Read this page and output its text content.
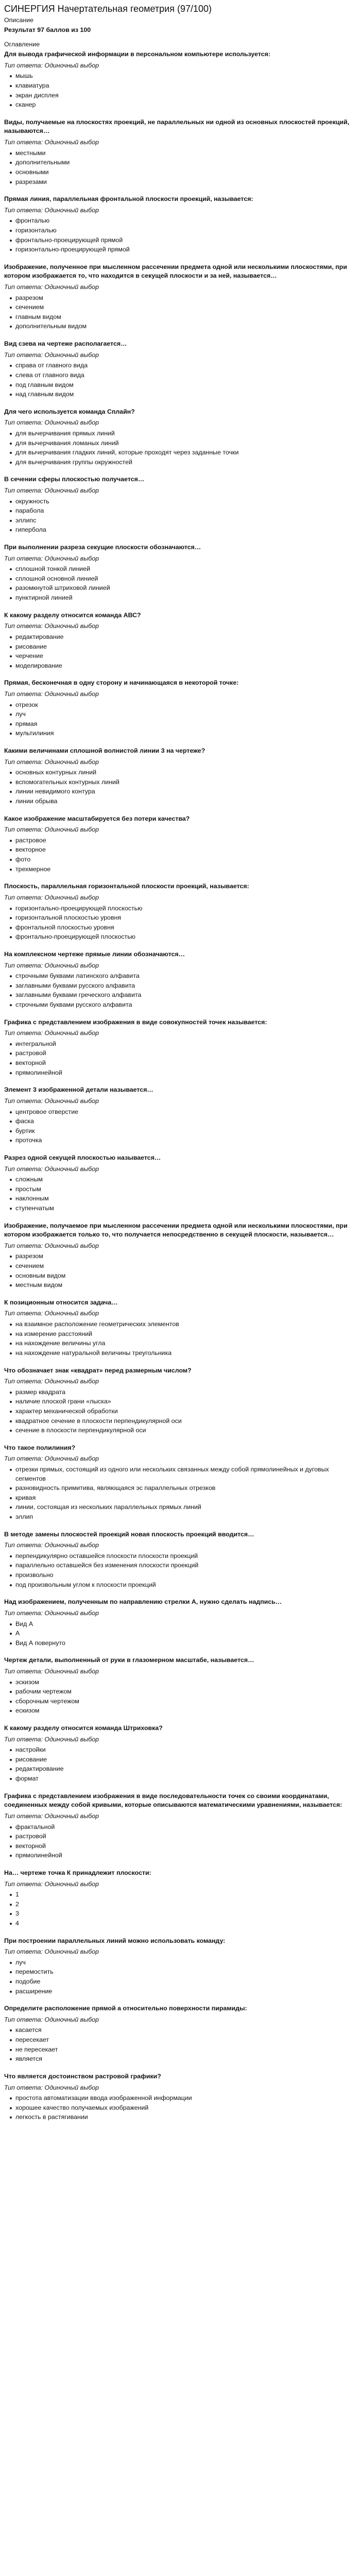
СИНЕРГИЯ Начертательная геометрия (97/100)
Описание
Результат 97 баллов из 100
Оглавление
Для вывода графической информации в персональном компьютере используется:
Тип ответа: Одиночный выбор
мышь
клавиатура
экран дисплея
сканер
Виды, получаемые на плоскостях проекций, не параллельных ни одной из основных плоскостей проекций, называются…
Тип ответа: Одиночный выбор
местными
дополнительными
основными
разрезами
Прямая линия, параллельная фронтальной плоскости проекций, называется:
Тип ответа: Одиночный выбор
фронталью
горизонталью
фронтально-проецирующей прямой
горизонтально-проецирующей прямой
Изображение, полученное при мысленном рассечении предмета одной или несколькими плоскостями, при котором изображается то, что находится в секущей плоскости и за ней, называется…
Тип ответа: Одиночный выбор
разрезом
сечением
главным видом
дополнительным видом
Вид сзева на чертеже располагается…
Тип ответа: Одиночный выбор
справа от главного вида
слева от главного вида
под главным видом
над главным видом
Для чего используется команда Сплайн?
Тип ответа: Одиночный выбор
для вычерчивания прямых линий
для вычерчивания ломаных линий
для вычерчивания гладких линий, которые проходят через заданные точки
для вычерчивания группы окружностей
В сечении сферы плоскостью получается…
Тип ответа: Одиночный выбор
окружность
парабола
эллипс
гипербола
При выполнении разреза секущие плоскости обозначаются…
Тип ответа: Одиночный выбор
сплошной тонкой линией
сплошной основной линией
разомкнутой штриховой линией
пунктирной линией
К какому разделу относится команда АВС?
Тип ответа: Одиночный выбор
редактирование
рисование
черчение
моделирование
Прямая, бесконечная в одну сторону и начинающаяся в некоторой точке:
Тип ответа: Одиночный выбор
отрезок
луч
прямая
мультилиния
Какими величинами сплошной волнистой линии 3 на чертеже?
Тип ответа: Одиночный выбор
основных контурных линий
вспомогательных контурных линий
линии невидимого контура
линии обрыва
Какое изображение масштабируется без потери качества?
Тип ответа: Одиночный выбор
растровое
векторное
фото
трехмерное
Плоскость, параллельная горизонтальной плоскости проекций, называется:
Тип ответа: Одиночный выбор
горизонтально-проецирующей плоскостью
горизонтальной плоскостью уровня
фронтальной плоскостью уровня
фронтально-проецирующей плоскостью
На комплексном чертеже прямые линии обозначаются…
Тип ответа: Одиночный выбор
строчными буквами латинского алфавита
заглавными буквами русского алфавита
заглавными буквами греческого алфавита
строчными буквами русского алфавита
Графика с представлением изображения в виде совокупностей точек называется:
Тип ответа: Одиночный выбор
интегральной
растровой
векторной
прямолинейной
Элемент 3 изображенной детали называется…
Тип ответа: Одиночный выбор
центровое отверстие
фаска
буртик
проточка
Разрез одной секущей плоскостью называется…
Тип ответа: Одиночный выбор
сложным
простым
наклонным
ступенчатым
Изображение, получаемое при мысленном рассечении предмета одной или несколькими плоскостями, при котором изображается только то, что получается непосредственно в секущей плоскости, называется…
Тип ответа: Одиночный выбор
разрезом
сечением
основным видом
местным видом
К позиционным относится задача…
Тип ответа: Одиночный выбор
на взаимное расположение геометрических элементов
на измерение расстояний
на нахождение величины угла
на нахождение натуральной величины треугольника
Что обозначает знак «квадрат» перед размерным числом?
Тип ответа: Одиночный выбор
размер квадрата
наличие плоской грани «лыска»
характер механической обработки
квадратное сечение в плоскости перпендикулярной оси
сечение в плоскости перпендикулярной оси
Что такое полилиния?
Тип ответа: Одиночный выбор
отрезки прямых, состоящий из одного или нескольких связанных между собой прямолинейных и дуговых сегментов
разновидность примитива, являющаяся эс параллельных отрезков
кривая
линии, состоящая из нескольких параллельных прямых линий
эллип
В методе замены плоскостей проекций новая плоскость проекций вводится…
Тип ответа: Одиночный выбор
перпендикулярно оставшейся плоскости плоскости проекций
параллельно оставшейся без изменения плоскости проекций
произвольно
под произвольным углом к плоскости проекций
Над изображением, полученным по направлению стрелки А, нужно сделать надпись…
Тип ответа: Одиночный выбор
Вид А
А
Вид А повернуто
Чертеж детали, выполненный от руки в глазомерном масштабе, называется…
Тип ответа: Одиночный выбор
эскизом
рабочим чертежом
сборочным чертежом
ескизом
К какому разделу относится команда Штриховка?
Тип ответа: Одиночный выбор
настройки
рисование
редактирование
формат
Графика с представлением изображения в виде последовательности точек со своими координатами, соединенных между собой кривыми, которые описываются математическими уравнениями, называется:
Тип ответа: Одиночный выбор
фрактальной
растровой
векторной
прямолинейной
На… чертеже точка К принадлежит плоскости:
Тип ответа: Одиночный выбор
1
2
3
4
При построении параллельных линий можно использовать команду:
Тип ответа: Одиночный выбор
луч
перемостить
подобие
расширение
Определите расположение прямой а относительно поверхности пирамиды:
Тип ответа: Одиночный выбор
касается
пересекает
не пересекает
является
Что является достоинством растровой графики?
Тип ответа: Одиночный выбор
простота автоматизации ввода изображенной информации
хорошее качество получаемых изображений
легкость в растягивании
